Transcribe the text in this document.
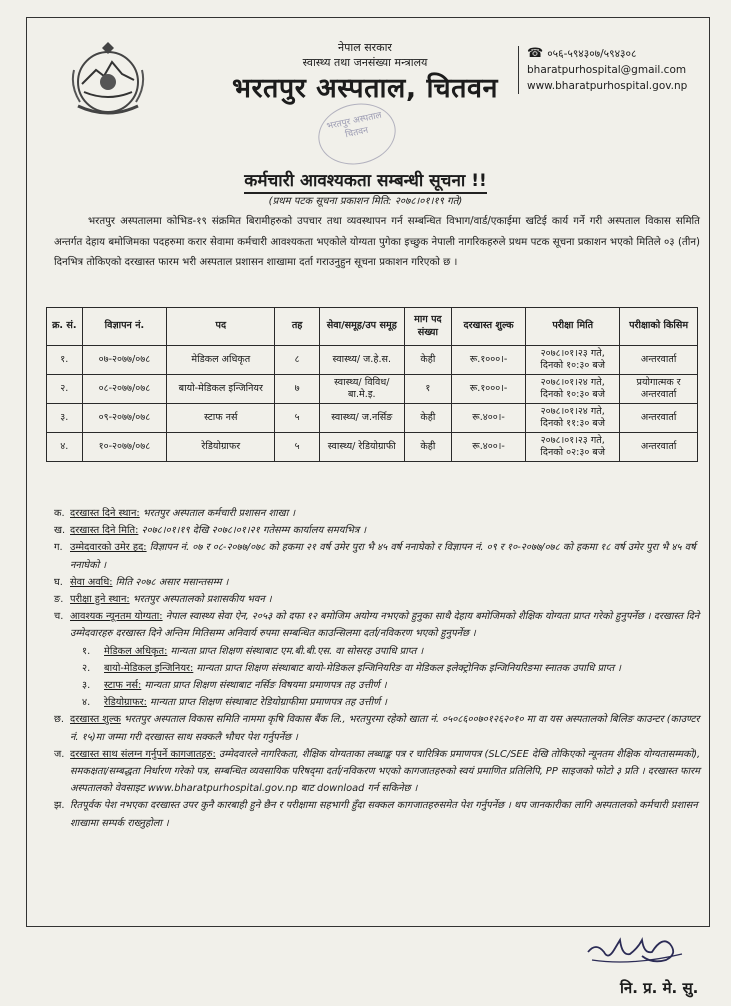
नेपाल सरकार
स्वास्थ्य तथा जनसंख्या मन्त्रालय
भरतपुर अस्पताल, चितवन
भरतपुर अस्पताल चितवन
☎ ०५६-५९४३०७/५९४३०८
bharatpurhospital@gmail.com
www.bharatpurhospital.gov.np
कर्मचारी आवश्यकता सम्बन्धी सूचना !!
(प्रथम पटक सूचना प्रकाशन मिति: २०७८।०१।१९ गते)
भरतपुर अस्पतालमा कोभिड-१९ संक्रमित बिरामीहरुको उपचार तथा व्यवस्थापन गर्न सम्बन्धित विभाग/वार्ड/एकाईमा खटिई कार्य गर्ने गरी अस्पताल विकास समिति अन्तर्गत देहाय बमोजिमका पदहरुमा करार सेवामा कर्मचारी आवश्यकता भएकोले योग्यता पुगेका इच्छुक नेपाली नागरिकहरुले प्रथम पटक सूचना प्रकाशन भएको मितिले ०३ (तीन) दिनभित्र तोकिएको दरखास्त फारम भरी अस्पताल प्रशासन शाखामा दर्ता गराउनुहुन सूचना प्रकाशन गरिएको छ ।
क्र. सं.	विज्ञापन नं.	पद	तह	सेवा/समूह/उप समूह	माग पद संख्या	दरखास्त शुल्क	परीक्षा मिति	परीक्षाको किसिम
१.	०७-२०७७/०७८	मेडिकल अधिकृत	८	स्वास्थ्य/ ज.हे.स.	केही	रू.१०००।-	२०७८।०१।२३ गते, दिनको १०:३० बजे	अन्तरवार्ता
२.	०८-२०७७/०७८	बायो-मेडिकल इन्जिनियर	७	स्वास्थ्य/ विविध/बा.मे.इ.	१	रू.१०००।-	२०७८।०१।२४ गते, दिनको १०:३० बजे	प्रयोगात्मक र अन्तरवार्ता
३.	०९-२०७७/०७८	स्टाफ नर्स	५	स्वास्थ्य/ ज.नर्सिङ	केही	रू.४००।-	२०७८।०१।२४ गते, दिनको ११:३० बजे	अन्तरवार्ता
४.	१०-२०७७/०७८	रेडियोग्राफर	५	स्वास्थ्य/ रेडियोग्राफी	केही	रू.४००।-	२०७८।०१।२३ गते, दिनको ०२:३० बजे	अन्तरवार्ता
क. दरखास्त दिने स्थान: भरतपुर अस्पताल कर्मचारी प्रशासन शाखा ।
ख. दरखास्त दिने मिति: २०७८।०१।१९ देखि २०७८।०१।२१ गतेसम्म कार्यालय समयभित्र ।
ग. उम्मेदवारको उमेर हद: विज्ञापन नं. ०७ र ०८-२०७७/०७८ को हकमा २१ वर्ष उमेर पुरा भै ४५ वर्ष ननाघेको र विज्ञापन नं. ०९ र १०-२०७७/०७८ को हकमा १८ वर्ष उमेर पुरा भै ४५ वर्ष ननाघेको ।
घ. सेवा अवधि: मिति २०७८ असार मसान्तसम्म ।
ङ. परीक्षा हुने स्थान: भरतपुर अस्पतालको प्रशासकीय भवन ।
च. आवश्यक न्यूनतम योग्यता: नेपाल स्वास्थ्य सेवा ऐन, २०५३ को दफा १२ बमोजिम अयोग्य नभएको हुनुका साथै देहाय बमोजिमको शैक्षिक योग्यता प्राप्त गरेको हुनुपर्नेछ । दरखास्त दिने उम्मेदवारहरु दरखास्त दिने अन्तिम मितिसम्म अनिवार्य रुपमा सम्बन्धित काउन्सिलमा दर्ता/नविकरण भएको हुनुपर्नेछ ।
१.	मेडिकल अधिकृत: मान्यता प्राप्त शिक्षण संस्थाबाट एम.बी.बी.एस. वा सोसरह उपाधि प्राप्त ।
२.	बायो-मेडिकल इन्जिनियर: मान्यता प्राप्त शिक्षण संस्थाबाट बायो-मेडिकल इन्जिनियरिङ वा मेडिकल इलेक्ट्रोनिक इन्जिनियरिङमा स्नातक उपाधि प्राप्त ।
३.	स्टाफ नर्स: मान्यता प्राप्त शिक्षण संस्थाबाट नर्सिङ विषयमा प्रमाणपत्र तह उत्तीर्ण ।
४.	रेडियोग्राफर: मान्यता प्राप्त शिक्षण संस्थाबाट रेडियोग्राफीमा प्रमाणपत्र तह उत्तीर्ण ।
छ. दरखास्त शुल्क भरतपुर अस्पताल विकास समिति नाममा कृषि विकास बैंक लि., भरतपुरमा रहेको खाता नं. ०५०८६००७०१२६२०१० मा वा यस अस्पतालको बिलिङ काउन्टर (काउण्टर नं. १५)मा जम्मा गरी दरखास्त साथ सक्कलै भौचर पेश गर्नुपर्नेछ ।
ज. दरखास्त साथ संलग्न गर्नुपर्ने कागजातहरु: उम्मेदवारले नागरिकता, शैक्षिक योग्यताका लब्धाङ्क पत्र र चारित्रिक प्रमाणपत्र (SLC/SEE देखि तोकिएको न्यूनतम शैक्षिक योग्यतासम्मको), समकक्षता/सम्बद्धता निर्धारण गरेको पत्र, सम्बन्धित व्यवसायिक परिषद्‌मा दर्ता/नविकरण भएको कागजातहरुको स्वयं प्रमाणित प्रतिलिपि, PP साइजको फोटो ३ प्रति । दरखास्त फारम अस्पतालको वेवसाइट www.bharatpurhospital.gov.np बाट download गर्न सकिनेछ ।
झ. रितपूर्वक पेश नभएका दरखास्त उपर कुनै कारबाही हुने छैन र परीक्षामा सहभागी हुँदा सक्कल कागजातहरुसमेत पेश गर्नुपर्नेछ । थप जानकारीका लागि अस्पतालको कर्मचारी प्रशासन शाखामा सम्पर्क राख्नुहोला ।
नि. प्र. मे. सु.
